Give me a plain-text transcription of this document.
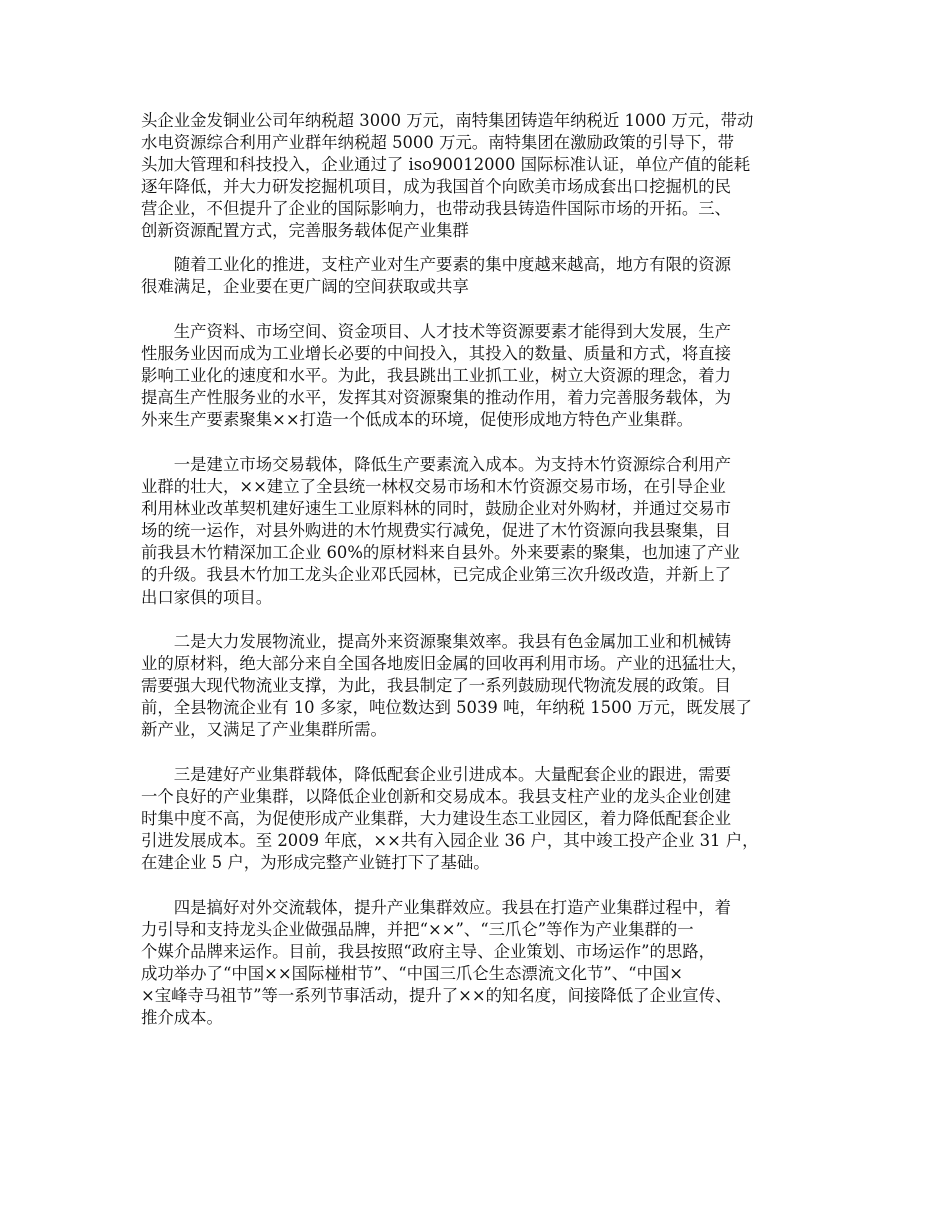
头企业金发铜业公司年纳税超 3000 万元，南特集团铸造年纳税近 1000 万元，带动
水电资源综合利用产业群年纳税超 5000 万元。南特集团在激励政策的引导下，带
头加大管理和科技投入，企业通过了 iso90012000 国际标准认证，单位产值的能耗
逐年降低，并大力研发挖掘机项目，成为我国首个向欧美市场成套出口挖掘机的民
营企业，不但提升了企业的国际影响力，也带动我县铸造件国际市场的开拓。三、
创新资源配置方式，完善服务载体促产业集群
　　随着工业化的推进，支柱产业对生产要素的集中度越来越高，地方有限的资源
很难满足，企业要在更广阔的空间获取或共享
　　生产资料、市场空间、资金项目、人才技术等资源要素才能得到大发展，生产
性服务业因而成为工业增长必要的中间投入，其投入的数量、质量和方式，将直接
影响工业化的速度和水平。为此，我县跳出工业抓工业，树立大资源的理念，着力
提高生产性服务业的水平，发挥其对资源聚集的推动作用，着力完善服务载体，为
外来生产要素聚集××打造一个低成本的环境，促使形成地方特色产业集群。
　　一是建立市场交易载体，降低生产要素流入成本。为支持木竹资源综合利用产
业群的壮大，××建立了全县统一林权交易市场和木竹资源交易市场，在引导企业
利用林业改革契机建好速生工业原料林的同时，鼓励企业对外购材，并通过交易市
场的统一运作，对县外购进的木竹规费实行减免，促进了木竹资源向我县聚集，目
前我县木竹精深加工企业 60%的原材料来自县外。外来要素的聚集，也加速了产业
的升级。我县木竹加工龙头企业邓氏园林，已完成企业第三次升级改造，并新上了
出口家俱的项目。
　　二是大力发展物流业，提高外来资源聚集效率。我县有色金属加工业和机械铸
业的原材料，绝大部分来自全国各地废旧金属的回收再利用市场。产业的迅猛壮大，
需要强大现代物流业支撑，为此，我县制定了一系列鼓励现代物流发展的政策。目
前，全县物流企业有 10 多家，吨位数达到 5039 吨，年纳税 1500 万元，既发展了
新产业，又满足了产业集群所需。
　　三是建好产业集群载体，降低配套企业引进成本。大量配套企业的跟进，需要
一个良好的产业集群，以降低企业创新和交易成本。我县支柱产业的龙头企业创建
时集中度不高，为促使形成产业集群，大力建设生态工业园区，着力降低配套企业
引进发展成本。至 2009 年底，××共有入园企业 36 户，其中竣工投产企业 31 户，
在建企业 5 户，为形成完整产业链打下了基础。
　　四是搞好对外交流载体，提升产业集群效应。我县在打造产业集群过程中，着
力引导和支持龙头企业做强品牌，并把“××”、“三爪仑”等作为产业集群的一
个媒介品牌来运作。目前，我县按照“政府主导、企业策划、市场运作”的思路，
成功举办了“中国××国际椪柑节”、“中国三爪仑生态漂流文化节”、“中国×
×宝峰寺马祖节”等一系列节事活动，提升了××的知名度，间接降低了企业宣传、
推介成本。
